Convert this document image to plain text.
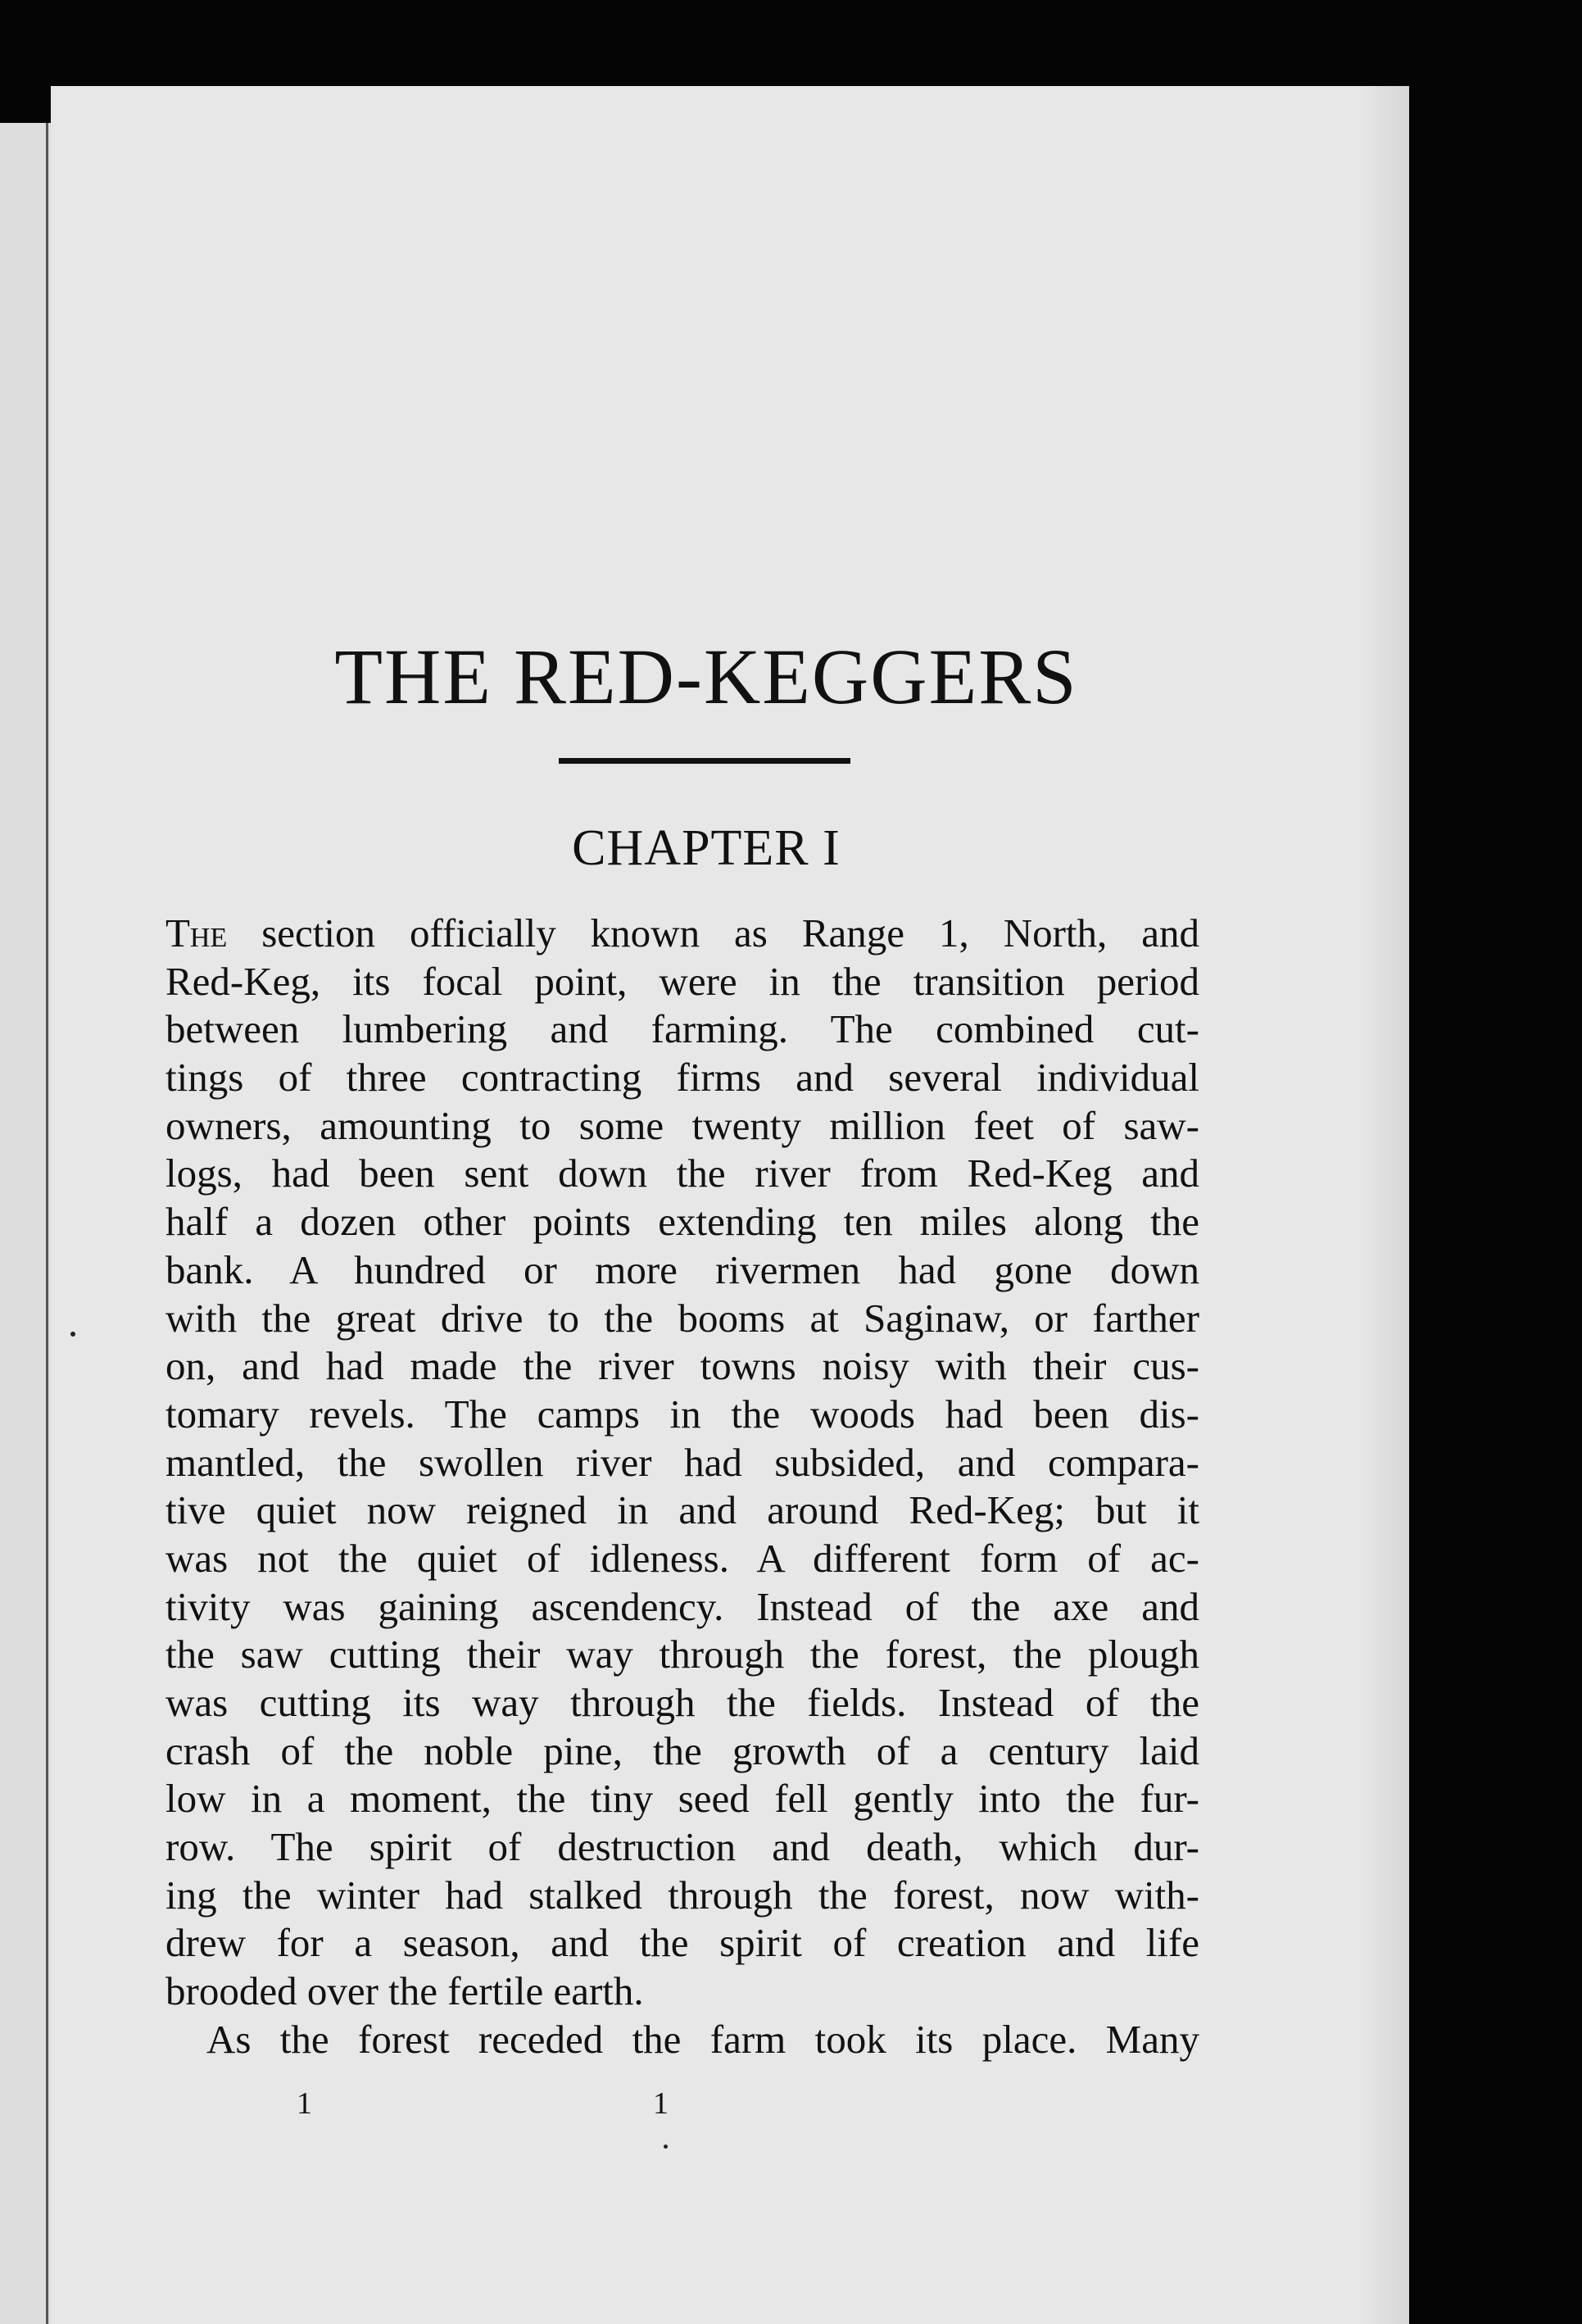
THE RED-KEGGERS
CHAPTER I
The section officially known as Range 1, North, and
Red-Keg, its focal point, were in the transition period
between lumbering and farming. The combined cut-
tings of three contracting firms and several individual
owners, amounting to some twenty million feet of saw-
logs, had been sent down the river from Red-Keg and
half a dozen other points extending ten miles along the
bank. A hundred or more rivermen had gone down
with the great drive to the booms at Saginaw, or farther
on, and had made the river towns noisy with their cus-
tomary revels. The camps in the woods had been dis-
mantled, the swollen river had subsided, and compara-
tive quiet now reigned in and around Red-Keg; but it
was not the quiet of idleness. A different form of ac-
tivity was gaining ascendency. Instead of the axe and
the saw cutting their way through the forest, the plough
was cutting its way through the fields. Instead of the
crash of the noble pine, the growth of a century laid
low in a moment, the tiny seed fell gently into the fur-
row. The spirit of destruction and death, which dur-
ing the winter had stalked through the forest, now with-
drew for a season, and the spirit of creation and life
brooded over the fertile earth.
As the forest receded the farm took its place. Many
1	1
